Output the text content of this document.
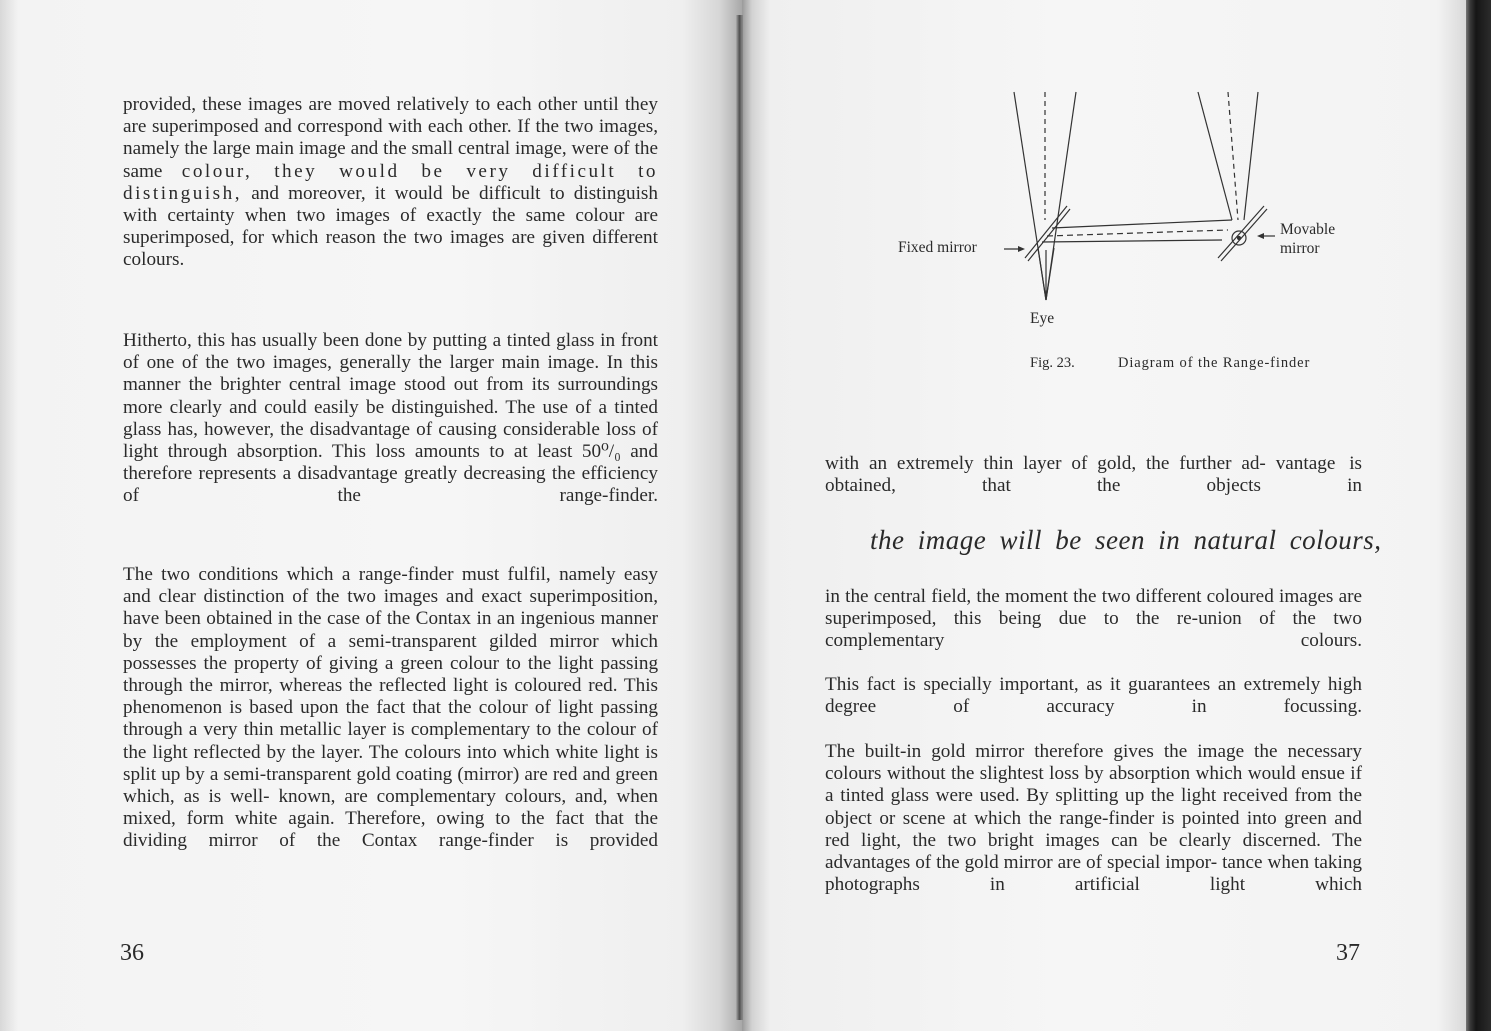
provided, these images are moved relatively to each other until they are superimposed and correspond with each other. If the two images, namely the large main image and the small central image, were of the same colour, they would be very difficult to distinguish, and moreover, it would be difficult to distinguish with certainty when two images of exactly the same colour are superimposed, for which reason the two images are given different colours.
Hitherto, this has usually been done by putting a tinted glass in front of one of the two images, generally the larger main image. In this manner the brighter central image stood out from its surroundings more clearly and could easily be distinguished. The use of a tinted glass has, however, the disadvantage of causing considerable loss of light through absorption. This loss amounts to at least 50⁰/₀ and therefore represents a disadvantage greatly decreasing the efficiency of the range-finder.
The two conditions which a range-finder must fulfil, namely easy and clear distinction of the two images and exact superimposition, have been obtained in the case of the Contax in an ingenious manner by the employment of a semi-transparent gilded mirror which possesses the property of giving a green colour to the light passing through the mirror, whereas the reflected light is coloured red. This phenomenon is based upon the fact that the colour of light passing through a very thin metallic layer is complementary to the colour of the light reflected by the layer. The colours into which white light is split up by a semi-transparent gold coating (mirror) are red and green which, as is well- known, are complementary colours, and, when mixed, form white again. Therefore, owing to the fact that the dividing mirror of the Contax range-finder is provided
36
Fixed mirror
Movable
mirror
Eye
Fig. 23.	Diagram of the Range-finder
with an extremely thin layer of gold, the further ad- vantage is obtained, that the objects in
the image will be seen in natural colours,
in the central field, the moment the two different coloured images are superimposed, this being due to the re-union of the two complementary colours.
This fact is specially important, as it guarantees an extremely high degree of accuracy in focussing.
The built-in gold mirror therefore gives the image the necessary colours without the slightest loss by absorption which would ensue if a tinted glass were used. By splitting up the light received from the object or scene at which the range-finder is pointed into green and red light, the two bright images can be clearly discerned. The advantages of the gold mirror are of special impor- tance when taking photographs in artificial light which
37
